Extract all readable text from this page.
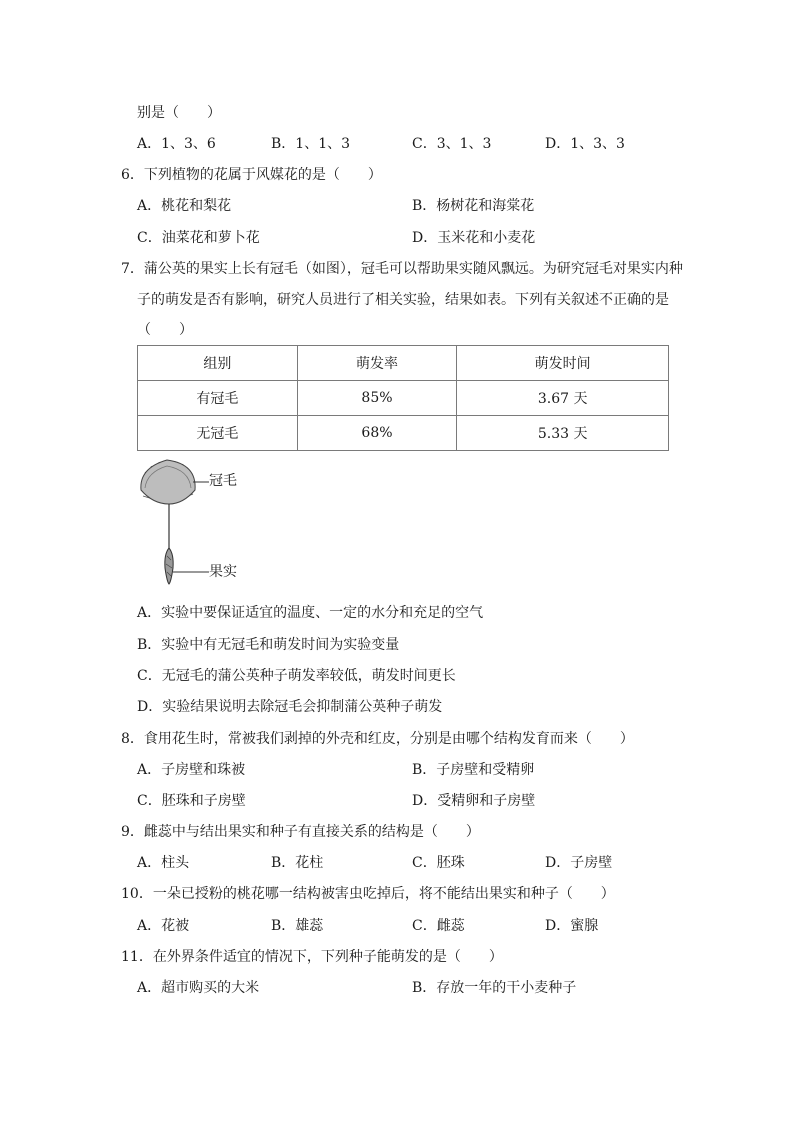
别是（　　）
A．1、3、6	B．1、1、3	C．3、1、3	D．1、3、3
6．下列植物的花属于风媒花的是（　　）
A．桃花和梨花	B．杨树花和海棠花
C．油菜花和萝卜花	D．玉米花和小麦花
7．蒲公英的果实上长有冠毛（如图），冠毛可以帮助果实随风飘远。为研究冠毛对果实内种
子的萌发是否有影响，研究人员进行了相关实验，结果如表。下列有关叙述不正确的是
（　　）
组别	萌发率	萌发时间
有冠毛	85%	3.67 天
无冠毛	68%	5.33 天
冠毛
果实
A．实验中要保证适宜的温度、一定的水分和充足的空气
B．实验中有无冠毛和萌发时间为实验变量
C．无冠毛的蒲公英种子萌发率较低，萌发时间更长
D．实验结果说明去除冠毛会抑制蒲公英种子萌发
8．食用花生时，常被我们剥掉的外壳和红皮，分别是由哪个结构发育而来（　　）
A．子房壁和珠被	B．子房壁和受精卵
C．胚珠和子房壁	D．受精卵和子房壁
9．雌蕊中与结出果实和种子有直接关系的结构是（　　）
A．柱头	B．花柱	C．胚珠	D．子房壁
10．一朵已授粉的桃花哪一结构被害虫吃掉后，将不能结出果实和种子（　　）
A．花被	B．雄蕊	C．雌蕊	D．蜜腺
11．在外界条件适宜的情况下，下列种子能萌发的是（　　）
A．超市购买的大米	B．存放一年的干小麦种子
